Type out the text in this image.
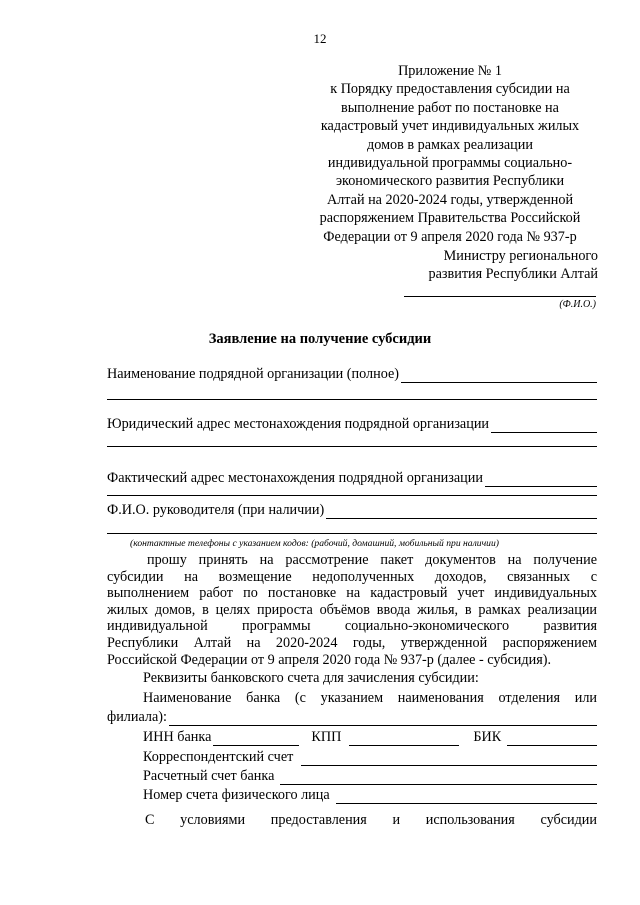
12
Приложение № 1
к Порядку предоставления субсидии на
выполнение работ по постановке на
кадастровый учет индивидуальных жилых
домов в рамках реализации
индивидуальной программы социально-
экономического развития Республики
Алтай на 2020-2024 годы, утвержденной
распоряжением Правительства Российской
Федерации от 9 апреля 2020 года № 937-р
Министру регионального
развития Республики Алтай
(Ф.И.О.)
Заявление на получение субсидии
Наименование подрядной организации (полное)
Юридический адрес местонахождения подрядной организации
Фактический адрес местонахождения подрядной организации
Ф.И.О. руководителя (при наличии)
(контактные телефоны с указанием кодов: (рабочий, домашний, мобильный при наличии)
прошу принять на рассмотрение пакет документов на получение
субсидии на возмещение недополученных доходов, связанных с
выполнением работ по постановке на кадастровый учет индивидуальных
жилых домов, в целях прироста объёмов ввода жилья, в рамках реализации
индивидуальной программы социально-экономического развития
Республики Алтай на 2020-2024 годы, утвержденной распоряжением
Российской Федерации от 9 апреля 2020 года № 937-р (далее - субсидия).
Реквизиты банковского счета для зачисления субсидии:
Наименование банка (с указанием наименования отделения или
филиала):
ИНН банка	КПП	БИК
Корреспондентский счет
Расчетный счет банка
Номер счета физического лица
С условиями предоставления и использования субсидии
